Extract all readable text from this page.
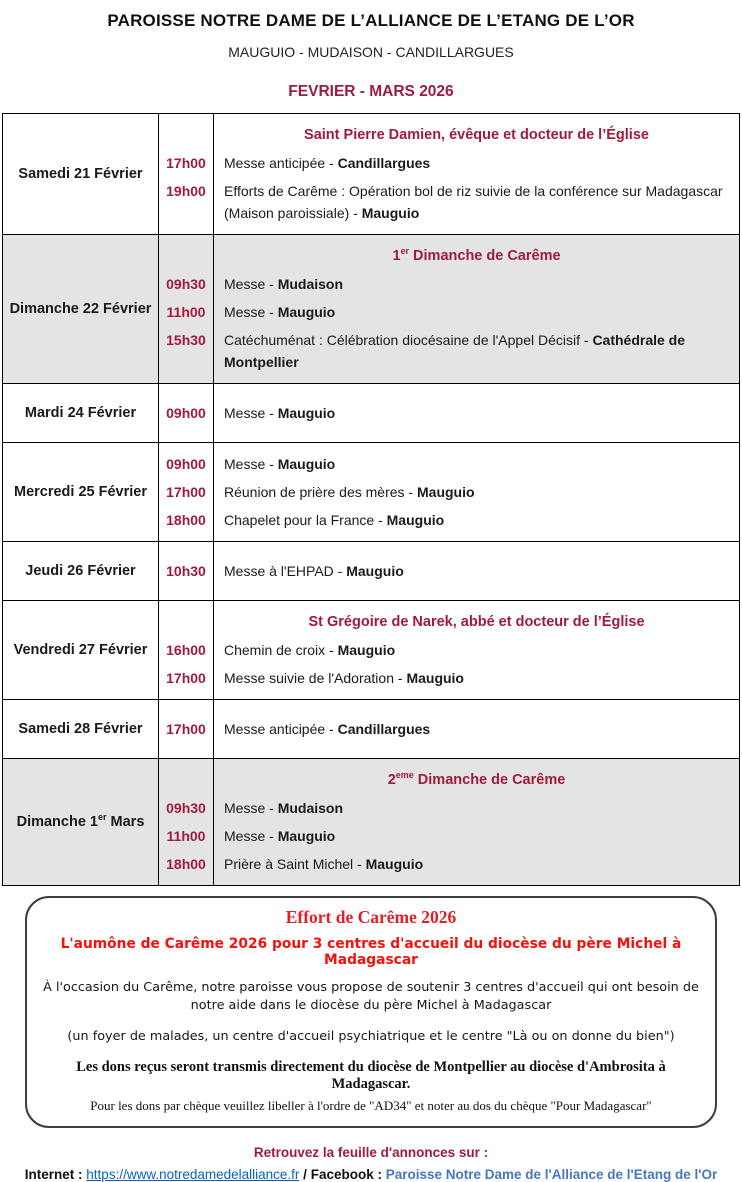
PAROISSE NOTRE DAME DE L’ALLIANCE DE L’ETANG DE L’OR
MAUGUIO - MUDAISON - CANDILLARGUES
FEVRIER - MARS 2026
Samedi 21 Février
Saint Pierre Damien, évêque et docteur de l’Église
17h00	Messe anticipée - Candillargues
19h00	Efforts de Carême : Opération bol de riz suivie de la conférence sur Madagascar (Maison paroissiale) - Mauguio
Dimanche 22 Février
1er Dimanche de Carême
09h30	Messe - Mudaison
11h00	Messe - Mauguio
15h30	Catéchuménat : Célébration diocésaine de l'Appel Décisif - Cathédrale de Montpellier
Mardi 24 Février	09h00	Messe - Mauguio
Mercredi 25 Février
09h00	Messe - Mauguio
17h00	Réunion de prière des mères - Mauguio
18h00	Chapelet pour la France - Mauguio
Jeudi 26 Février	10h30	Messe à l'EHPAD - Mauguio
Vendredi 27 Février
St Grégoire de Narek, abbé et docteur de l’Église
16h00	Chemin de croix - Mauguio
17h00	Messe suivie de l'Adoration - Mauguio
Samedi 28 Février	17h00	Messe anticipée - Candillargues
Dimanche 1er Mars
2eme Dimanche de Carême
09h30	Messe - Mudaison
11h00	Messe - Mauguio
18h00	Prière à Saint Michel - Mauguio
Effort de Carême 2026
L'aumône de Carême 2026 pour 3 centres d'accueil du diocèse du père Michel à Madagascar
À l'occasion du Carême, notre paroisse vous propose de soutenir 3 centres d'accueil qui ont besoin de notre aide dans le diocèse du père Michel à Madagascar
(un foyer de malades, un centre d'accueil psychiatrique et le centre "Là ou on donne du bien")
Les dons reçus seront transmis directement du diocèse de Montpellier au diocèse d'Ambrosita à Madagascar.
Pour les dons par chèque veuillez libeller à l'ordre de "AD34" et noter au dos du chèque "Pour Madagascar"
Retrouvez la feuille d'annonces sur :
Internet : https://www.notredamedelalliance.fr / Facebook : Paroisse Notre Dame de l'Alliance de l'Etang de l'Or
